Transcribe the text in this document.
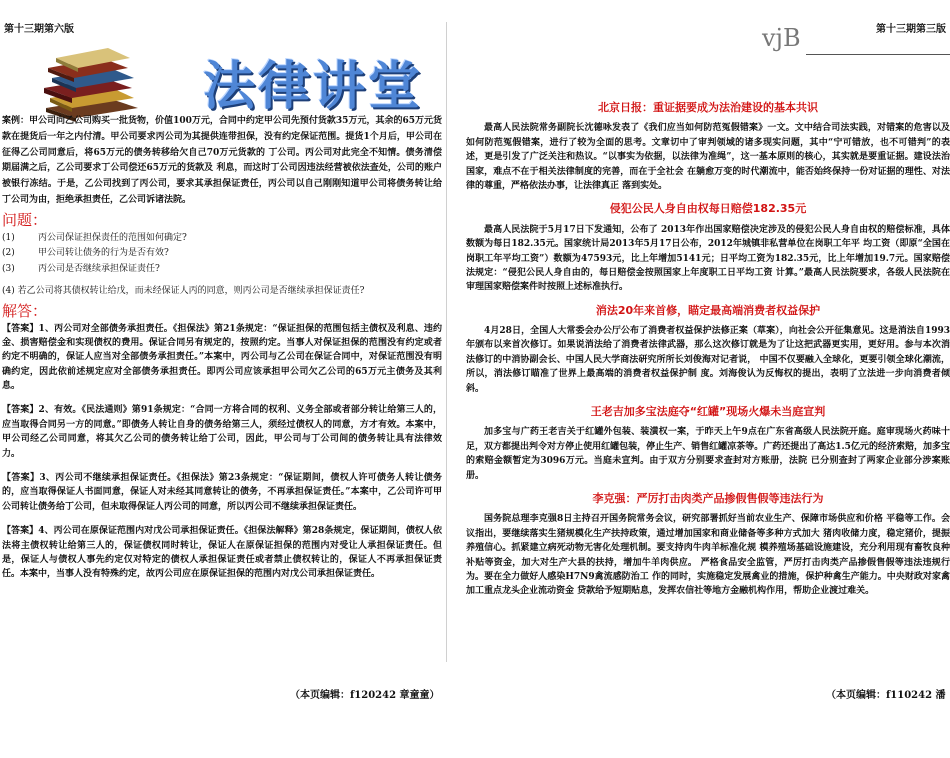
第十三期第六版
法律讲堂

案例：甲公司向乙公司购买一批货物，价值100万元，合同中约定甲公司先预付货款35万元，其余的65万元货款在提货后一年之内付清。甲公司要求丙公司为其提供连带担保，没有约定保证范围。提货1个月后，甲公司在征得乙公司同意后，将65万元的债务转移给欠自己70万元货款的 丁公司。丙公司对此完全不知情。债务清偿期届满之后，乙公司要求丁公司偿还65万元的货款及 利息，而这时丁公司因违法经营被依法查处，公司的账户被银行冻结。于是，乙公司找到了丙公司，要求其承担保证责任，丙公司以自己刚刚知道甲公司将债务转让给丁公司为由，拒绝承担责任，乙公司诉诸法院。

问题：
(1)	丙公司保证担保责任的范围如何确定?
(2)	甲公司转让债务的行为是否有效?
(3)	丙公司是否继续承担保证责任?

(4) 若乙公司将其债权转让给戊，而未经保证人丙的同意，则丙公司是否继续承担保证责任?

解答：

【答案】1、丙公司对全部债务承担责任。《担保法》第21条规定：“保证担保的范围包括主债权及利息、违约金、损害赔偿金和实现债权的费用。保证合同另有规定的，按照约定。当事人对保证担保的范围没有约定或者约定不明确的，保证人应当对全部债务承担责任。”本案中，丙公司与乙公司在保证合同中，对保证范围没有明确约定，因此依前述规定应对全部债务承担责任。即丙公司应该承担甲公司欠乙公司的65万元主债务及其利息。

【答案】2、有效。《民法通则》第91条规定：“合同一方将合同的权利、义务全部或者部分转让给第三人的，应当取得合同另一方的同意。”即债务人转让自身的债务给第三人，须经过债权人的同意，方才有效。本案中，甲公司经乙公司同意，将其欠乙公司的债务转让给丁公司，因此，甲公司与丁公司间的债务转让具有法律效力。

【答案】3、丙公司不继续承担保证责任。《担保法》第23条规定：“保证期间，债权人许可债务人转让债务的，应当取得保证人书面同意，保证人对未经其同意转让的债务，不再承担保证责任。”本案中，乙公司许可甲公司转让债务给丁公司，但未取得保证人丙公司的同意，所以丙公司不继续承担保证责任。

【答案】4、丙公司在原保证范围内对戊公司承担保证责任。《担保法解释》第28条规定，保证期间，债权人依法将主债权转让给第三人的，保证债权同时转让，保证人在原保证担保的范围内对受让人承担保证责任。但是，保证人与债权人事先约定仅对特定的债权人承担保证责任或者禁止债权转让的，保证人不再承担保证责任。本案中，当事人没有特殊约定，故丙公司应在原保证担保的范围内对戊公司承担保证责任。

（本页编辑：f120242 章童童）
第十三期第三版
vjB
北京日报：重证据要成为法治建设的基本共识

最高人民法院常务副院长沈德咏发表了《我们应当如何防范冤假错案》一文。文中结合司法实践，对错案的危害以及如何防范冤假错案，进行了较为全面的思考。文章切中了审判领域的诸多现实问题，其中“宁可错放，也不可错判”的表述，更是引发了广泛关注和热议。“以事实为依据，以法律为准绳”，这一基本原则的核心，其实就是要重证据。建设法治国家，难点不在于相关法律制度的完善，而在于全社会 在躺愈万变的时代潮流中，能否始终保持一份对证据的理性、对法律的尊重，严格依法办事，让法律真正 落到实处。

侵犯公民人身自由权每日赔偿182.35元

最高人民法院于5月17日下发通知，公布了 2013年作出国家赔偿决定涉及的侵犯公民人身自由权的赔偿标准，具体数额为每日182.35元。国家统计局2013年5月17日公布，2012年城镇非私营单位在岗职工年平 均工资（即原“全国在岗职工年平均工资”）数额为47593元，比上年增加5141元；日平均工资为182.35元，比上年增加19.7元。国家赔偿法规定：“侵犯公民人身自由的，每日赔偿金按照国家上年度职工日平均工资 计算。”最高人民法院要求，各级人民法院在审理国家赔偿案件时按照上述标准执行。

消法20年来首修，瞄定最高端消费者权益保护

4月28日，全国人大常委会办公厅公布了消费者权益保护法修正案（草案），向社会公开征集意见。这是消法自1993年颁布以来首次修订。如果说消法给了消费者法律武器，那么这次修订就是为了让这把武器更实用，更好用。参与本次消法修订的中消协副会长、中国人民大学商法研究所所长刘俊海对记者说， 中国不仅要融入全球化，更要引领全球化潮流，所以，消法修订瞄准了世界上最高端的消费者权益保护制 度。刘海俊认为反悔权的提出，表明了立法进一步向消费者倾斜。

王老吉加多宝法庭夺“红罐”现场火爆未当庭宣判

加多宝与广药王老吉关于红罐外包装、装潢权一案，于昨天上午9点在广东省高级人民法院开庭。庭审现场火药味十足，双方都提出判令对方停止使用红罐包装，停止生产、销售红罐凉茶等。广药还提出了高达1.5亿元的经济索赔，加多宝的索赔金额暂定为3096万元。当庭未宣判。由于双方分别要求查封对方账册，法院 已分别查封了两家企业部分涉案账册。

李克强：严厉打击肉类产品掺假售假等违法行为

国务院总理李克强8日主持召开国务院常务会议，研究部署抓好当前农业生产、保障市场供应和价格 平稳等工作。会议指出，要继续落实生猪规模化生产扶持政策，通过增加国家和商业储备等多种方式加大 猪肉收储力度，稳定猪价，提振养殖信心。抓紧建立病死动物无害化处理机制。要支持肉牛肉羊标准化规 模养殖场基础设施建设，充分利用现有畜牧良种补贴等资金，加大对生产大县的扶持，增加牛羊肉供应。 严格食品安全监管，严厉打击肉类产品掺假售假等违法违规行为。要在全力做好人感染H7N9禽流感防治工 作的同时，实施稳定发展禽业的措施，保护种禽生产能力。中央财政对家禽加工重点龙头企业流动资金 贷款给予短期贴息，发挥农信社等地方金融机构作用，帮助企业渡过难关。

（本页编辑：f110242 潘
